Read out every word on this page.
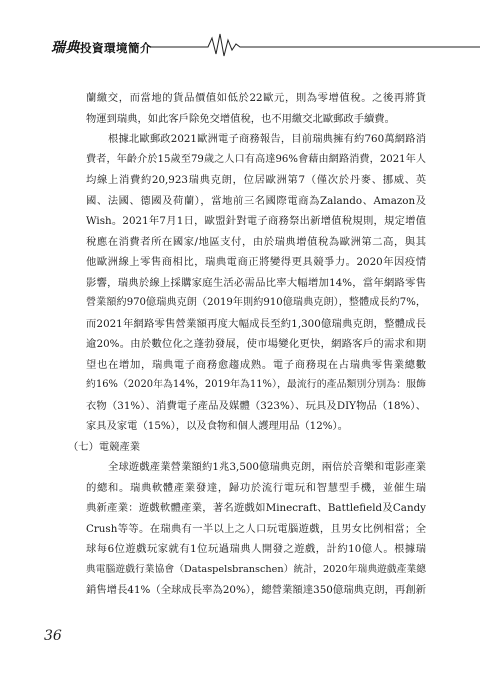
瑞典投資環境簡介
蘭繳交，而當地的貨品價值如低於22歐元，則為零增值稅。之後再將貨
物運到瑞典，如此客戶除免交增值稅，也不用繳交北歐郵政手續費。
根據北歐郵政2021歐洲電子商務報告，目前瑞典擁有約760萬網路消
費者，年齡介於15歲至79歲之人口有高達96%會藉由網路消費，2021年人
均線上消費約20,923瑞典克朗，位居歐洲第7（僅次於丹麥、挪威、英
國、法國、德國及荷蘭），當地前三名國際電商為Zalando、Amazon及
Wish。2021年7月1日，歐盟針對電子商務祭出新增值稅規則，規定增值
稅應在消費者所在國家/地區支付，由於瑞典增值稅為歐洲第二高，與其
他歐洲線上零售商相比，瑞典電商正將變得更具競爭力。2020年因疫情
影響，瑞典於線上採購家庭生活必需品比率大幅增加14%，當年網路零售
營業額約970億瑞典克朗（2019年則約910億瑞典克朗），整體成長約7%，
而2021年網路零售營業額再度大幅成長至約1,300億瑞典克朗，整體成長
逾20%。由於數位化之蓬勃發展，使市場變化更快，網路客戶的需求和期
望也在增加，瑞典電子商務愈趨成熟。電子商務現在占瑞典零售業總數
約16%（2020年為14%，2019年為11%），最流行的產品類別分別為：服飾
衣物（31%）、消費電子產品及媒體（323%）、玩具及DIY物品（18%）、
家具及家電（15%），以及食物和個人護理用品（12%）。
（七）電競產業
全球遊戲產業營業額約1兆3,500億瑞典克朗，兩倍於音樂和電影產業
的總和。瑞典軟體產業發達，歸功於流行電玩和智慧型手機，並催生瑞
典新產業：遊戲軟體產業，著名遊戲如Minecraft、Battlefield及Candy
Crush等等。在瑞典有一半以上之人口玩電腦遊戲，且男女比例相當；全
球每6位遊戲玩家就有1位玩過瑞典人開發之遊戲，計約10億人。根據瑞
典電腦遊戲行業協會（Dataspelsbranschen）統計，2020年瑞典遊戲產業總
銷售增長41%（全球成長率為20%），總營業額達350億瑞典克朗，再創新
36
